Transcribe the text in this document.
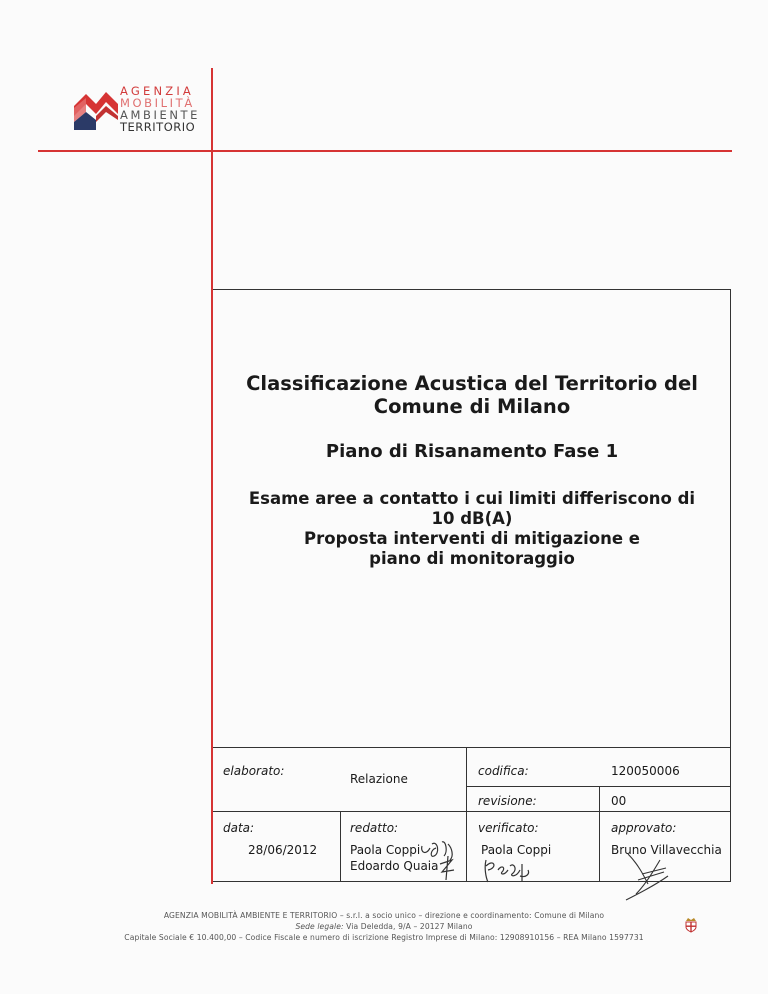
AGENZIA
MOBILITÀ
AMBIENTE
TERRITORIO
Classificazione Acustica del Territorio del
Comune di Milano
Piano di Risanamento Fase 1
Esame aree a contatto i cui limiti differiscono di
10 dB(A)
Proposta interventi di mitigazione e
piano di monitoraggio
elaborato:
Relazione
codifica:	120050006
revisione:	00
data:
28/06/2012
redatto:
Paola Coppi
Edoardo Quaia
verificato:
Paola Coppi
approvato:
Bruno Villavecchia
AGENZIA MOBILITÀ AMBIENTE E TERRITORIO – s.r.l. a socio unico – direzione e coordinamento: Comune di Milano
Sede legale: Via Deledda, 9/A – 20127 Milano
Capitale Sociale € 10.400,00 – Codice Fiscale e numero di iscrizione Registro Imprese di Milano: 12908910156 – REA Milano 1597731
